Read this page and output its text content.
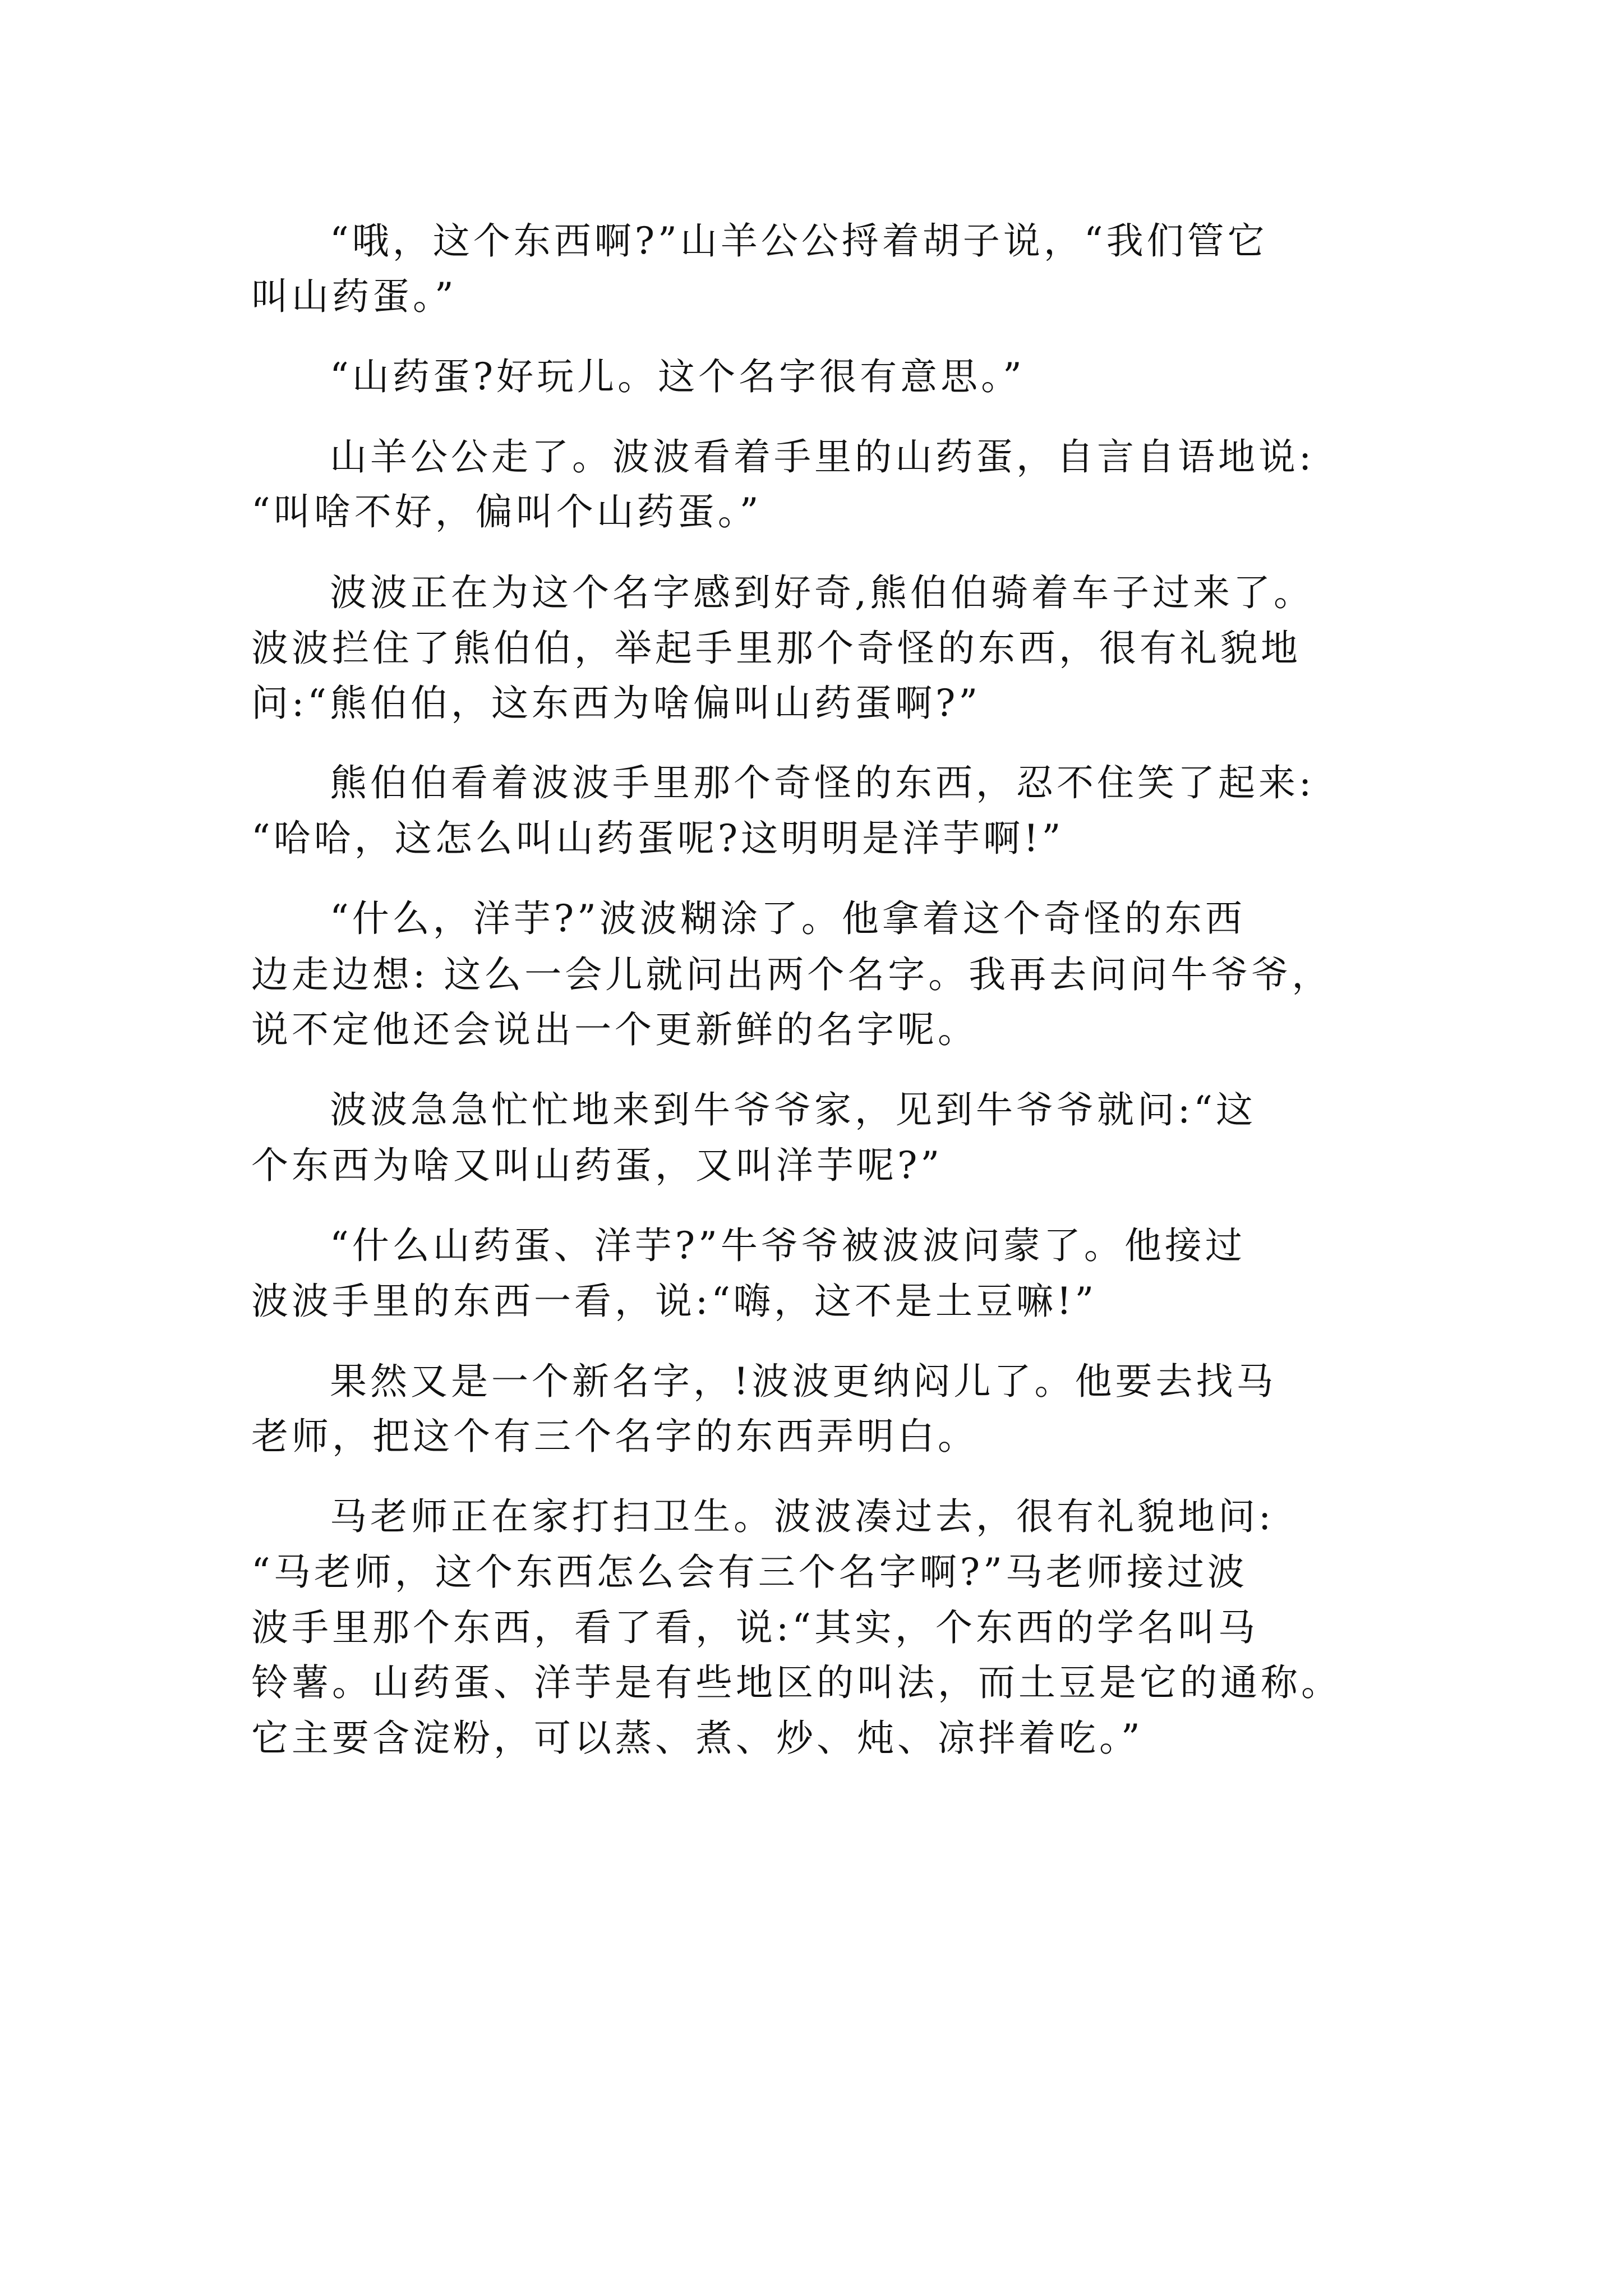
“哦，这个东西啊?”山羊公公捋着胡子说，“我们管它
叫山药蛋。”
“山药蛋?好玩儿。这个名字很有意思。”
山羊公公走了。波波看着手里的山药蛋，自言自语地说:
“叫啥不好，偏叫个山药蛋。”
波波正在为这个名字感到好奇,熊伯伯骑着车子过来了。
波波拦住了熊伯伯，举起手里那个奇怪的东西，很有礼貌地
问:“熊伯伯，这东西为啥偏叫山药蛋啊?”
熊伯伯看着波波手里那个奇怪的东西，忍不住笑了起来:
“哈哈，这怎么叫山药蛋呢?这明明是洋芋啊!”
“什么，洋芋?”波波糊涂了。他拿着这个奇怪的东西
边走边想: 这么一会儿就问出两个名字。我再去问问牛爷爷，
说不定他还会说出一个更新鲜的名字呢。
波波急急忙忙地来到牛爷爷家，见到牛爷爷就问:“这
个东西为啥又叫山药蛋，又叫洋芋呢?”
“什么山药蛋、洋芋?”牛爷爷被波波问蒙了。他接过
波波手里的东西一看，说:“嗨，这不是土豆嘛!”
果然又是一个新名字，!波波更纳闷儿了。他要去找马
老师，把这个有三个名字的东西弄明白。
马老师正在家打扫卫生。波波凑过去，很有礼貌地问:
“马老师，这个东西怎么会有三个名字啊?”马老师接过波
波手里那个东西，看了看，说:“其实，个东西的学名叫马
铃薯。山药蛋、洋芋是有些地区的叫法，而土豆是它的通称。
它主要含淀粉，可以蒸、煮、炒、炖、凉拌着吃。”
